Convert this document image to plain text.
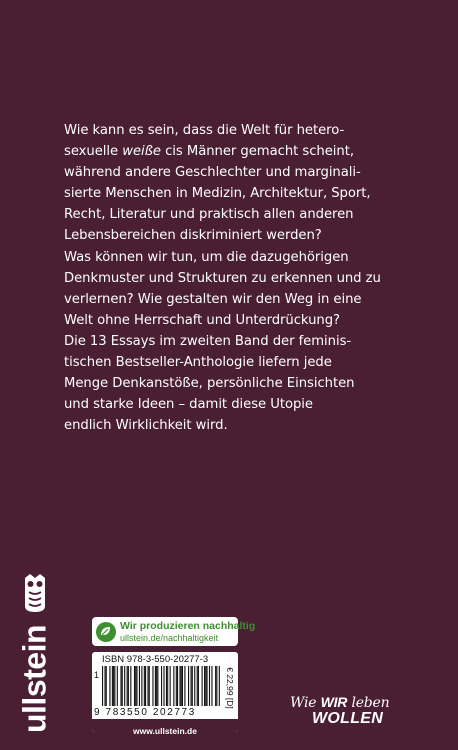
Wie kann es sein, dass die Welt für hetero-
sexuelle weiße cis Männer gemacht scheint,
während andere Geschlechter und marginali-
sierte Menschen in Medizin, Architektur, Sport,
Recht, Literatur und praktisch allen anderen
Lebensbereichen diskriminiert werden?
Was können wir tun, um die dazugehörigen
Denkmuster und Strukturen zu erkennen und zu
verlernen? Wie gestalten wir den Weg in eine
Welt ohne Herrschaft und Unterdrückung?
Die 13 Essays im zweiten Band der feminis-
tischen Bestseller-Anthologie liefern jede
Menge Denkanstöße, persönliche Einsichten
und starke Ideen – damit diese Utopie
endlich Wirklichkeit wird.
ullstein	Wir produzieren nachhaltig
ullstein.de/nachhaltigkeit
ISBN 978-3-550-20277-3
€ 22,99 [D]
1
9 783550 202773
www.ullstein.de
Wie WIR leben
WOLLEN
